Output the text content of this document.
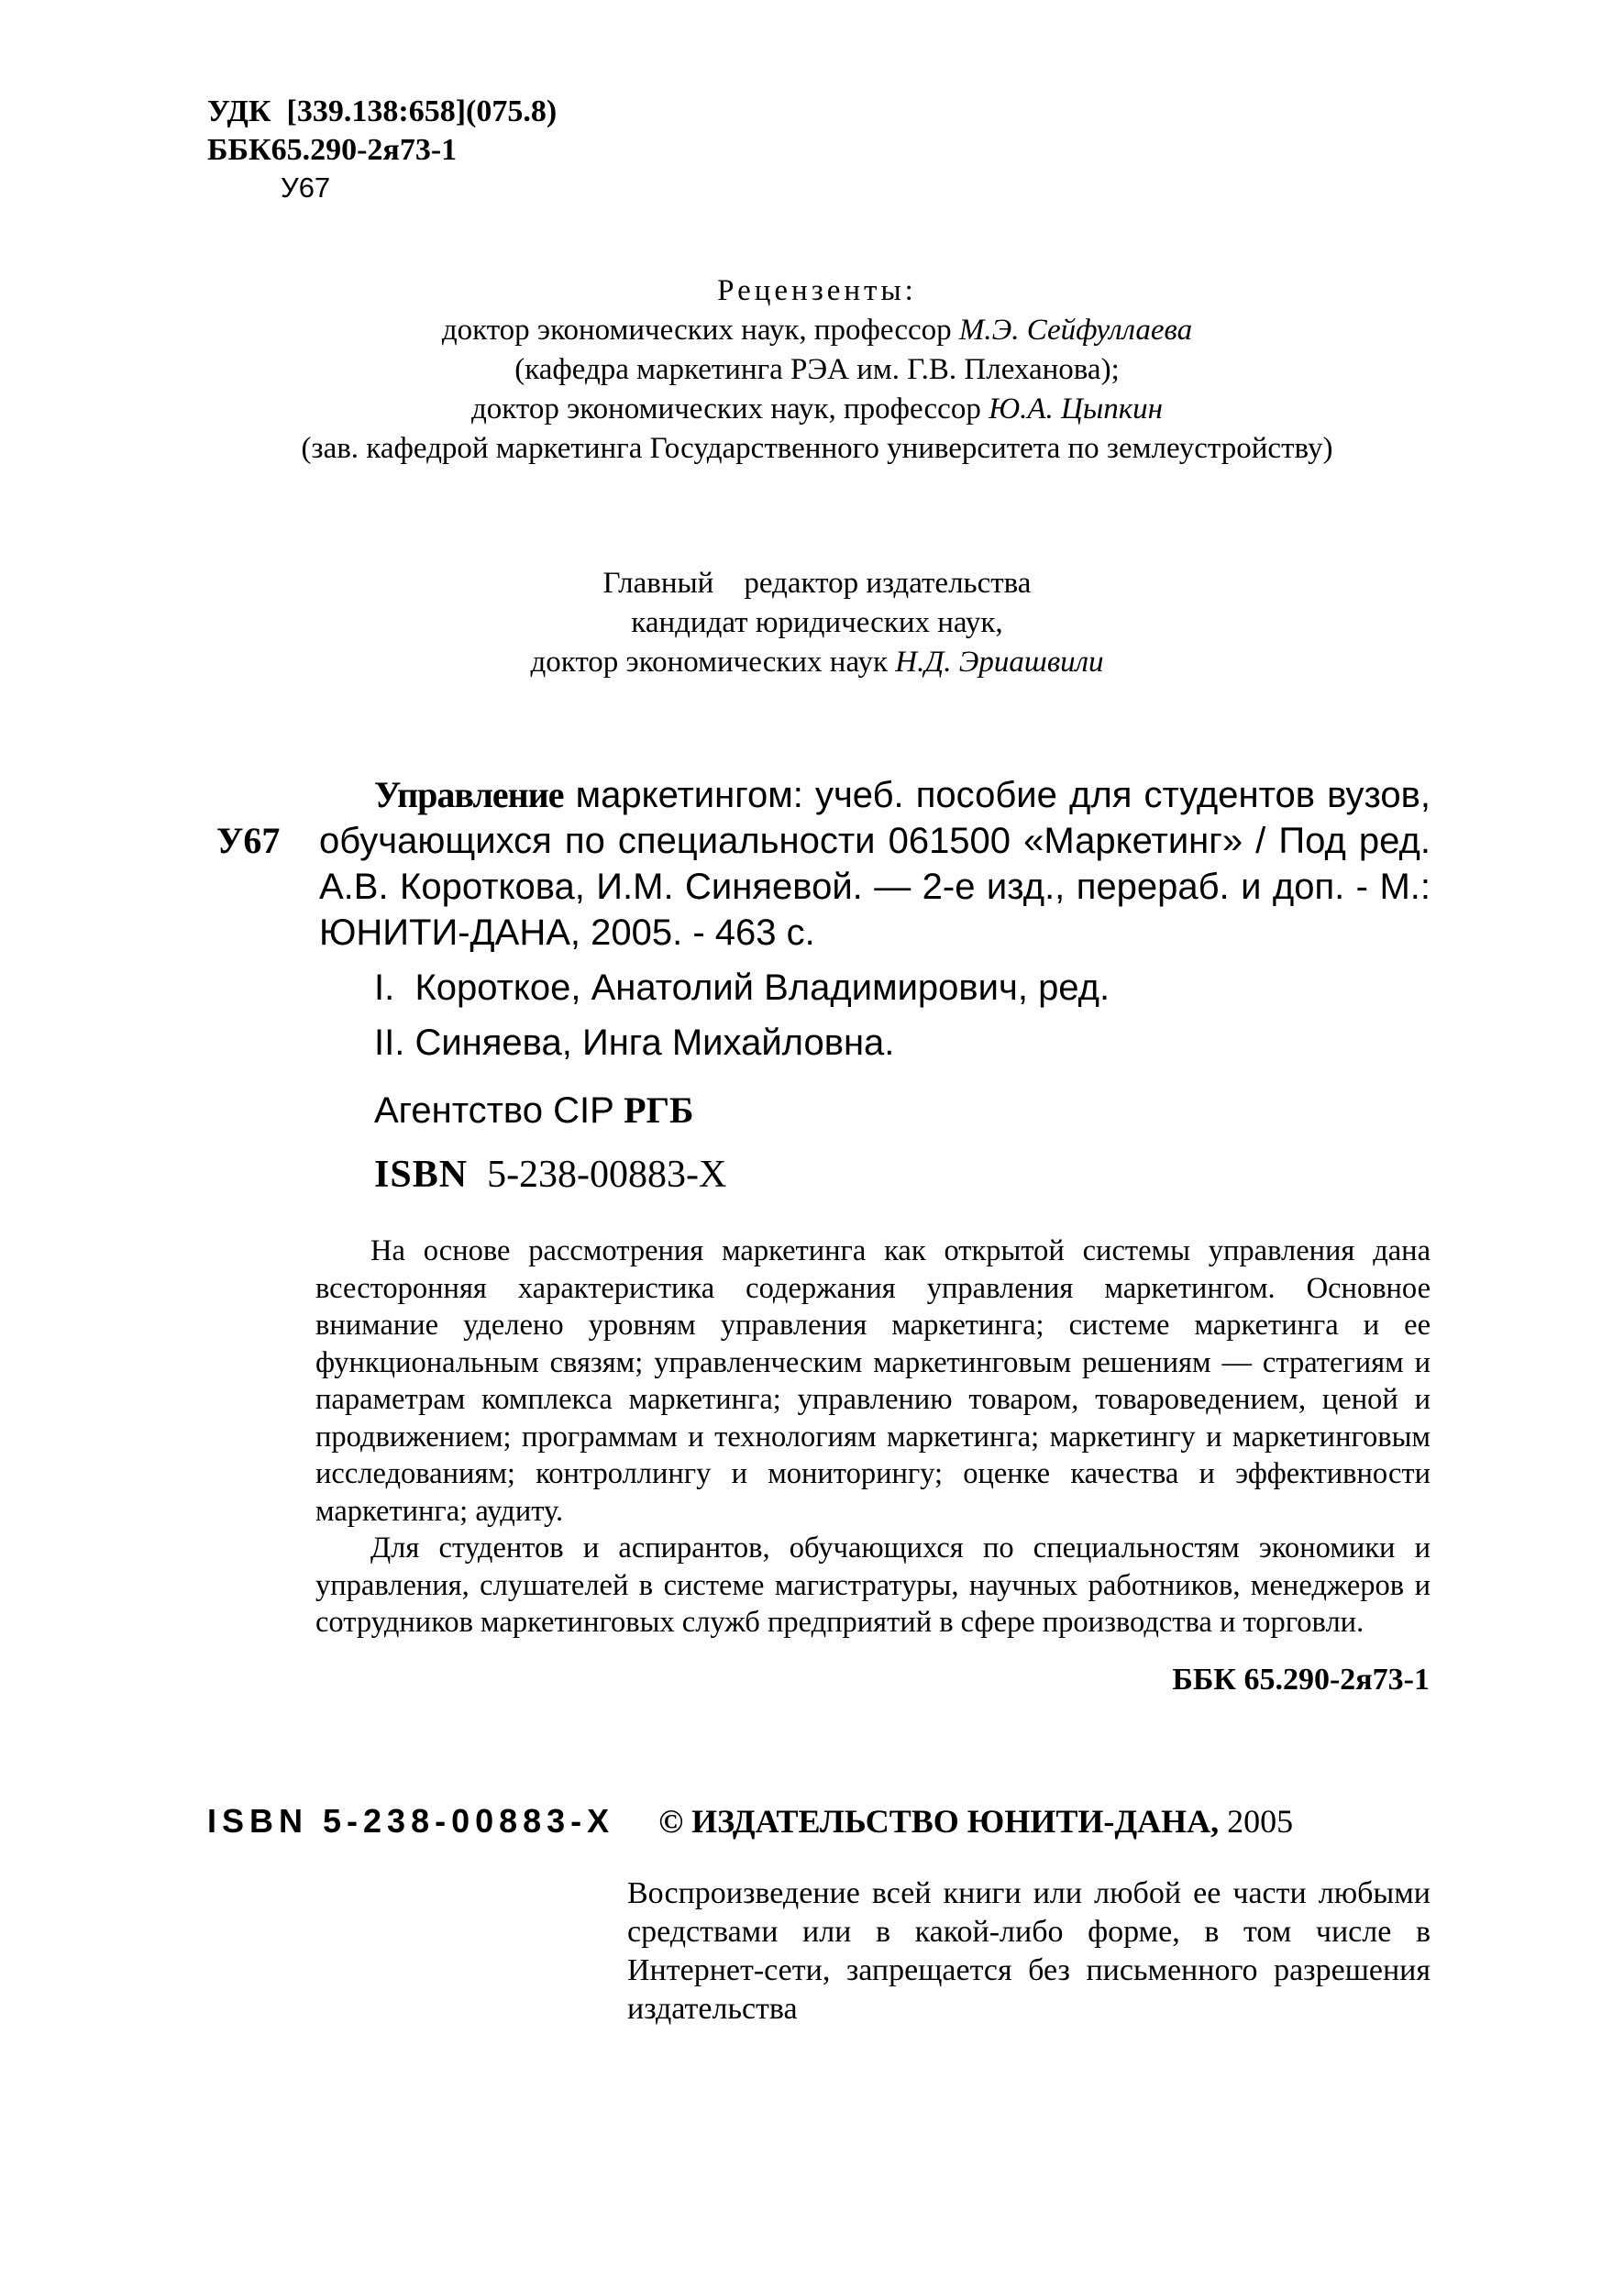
УДК  [339.138:658](075.8)
ББК65.290-2я73-1
У67
Рецензенты:
доктор экономических наук, профессор М.Э. Сейфуллаева
(кафедра маркетинга РЭА им. Г.В. Плеханова);
доктор экономических наук, профессор Ю.А. Цыпкин
(зав. кафедрой маркетинга Государственного университета по землеустройству)
Главный    редактор издательства
кандидат юридических наук,
доктор экономических наук Н.Д. Эриашвили
У67

Управление маркетингом: учеб. пособие для студентов вузов, обучающихся по специальности 061500 «Маркетинг» / Под ред. А.В. Короткова, И.М. Синяевой. — 2-е изд., перераб. и доп. - М.: ЮНИТИ-ДАНА, 2005. - 463 с.

I.  Короткое, Анатолий Владимирович, ред.
II. Синяева, Инга Михайловна.
Агентство CIP РГБ
ISBN  5-238-00883-Х

На основе рассмотрения маркетинга как открытой системы управления дана всесторонняя характеристика содержания управления маркетингом. Основное внимание уделено уровням управления маркетинга; системе маркетинга и ее функциональным связям; управленческим маркетинговым решениям — стратегиям и параметрам комплекса маркетинга; управлению товаром, товароведением, ценой и продвижением; программам и технологиям маркетинга; маркетингу и маркетинговым исследованиям; контроллингу и мониторингу; оценке качества и эффективности маркетинга; аудиту.

Для студентов и аспирантов, обучающихся по специальностям экономики и управления, слушателей в системе магистратуры, научных работников, менеджеров и сотрудников маркетинговых служб предприятий в сфере производства и торговли.

ББК 65.290-2я73-1
ISBN 5-238-00883-Х © ИЗДАТЕЛЬСТВО ЮНИТИ-ДАНА, 2005

Воспроизведение всей книги или любой ее части любыми средствами или в какой-либо форме, в том числе в Интернет-сети, запрещается без письменного разрешения издательства
